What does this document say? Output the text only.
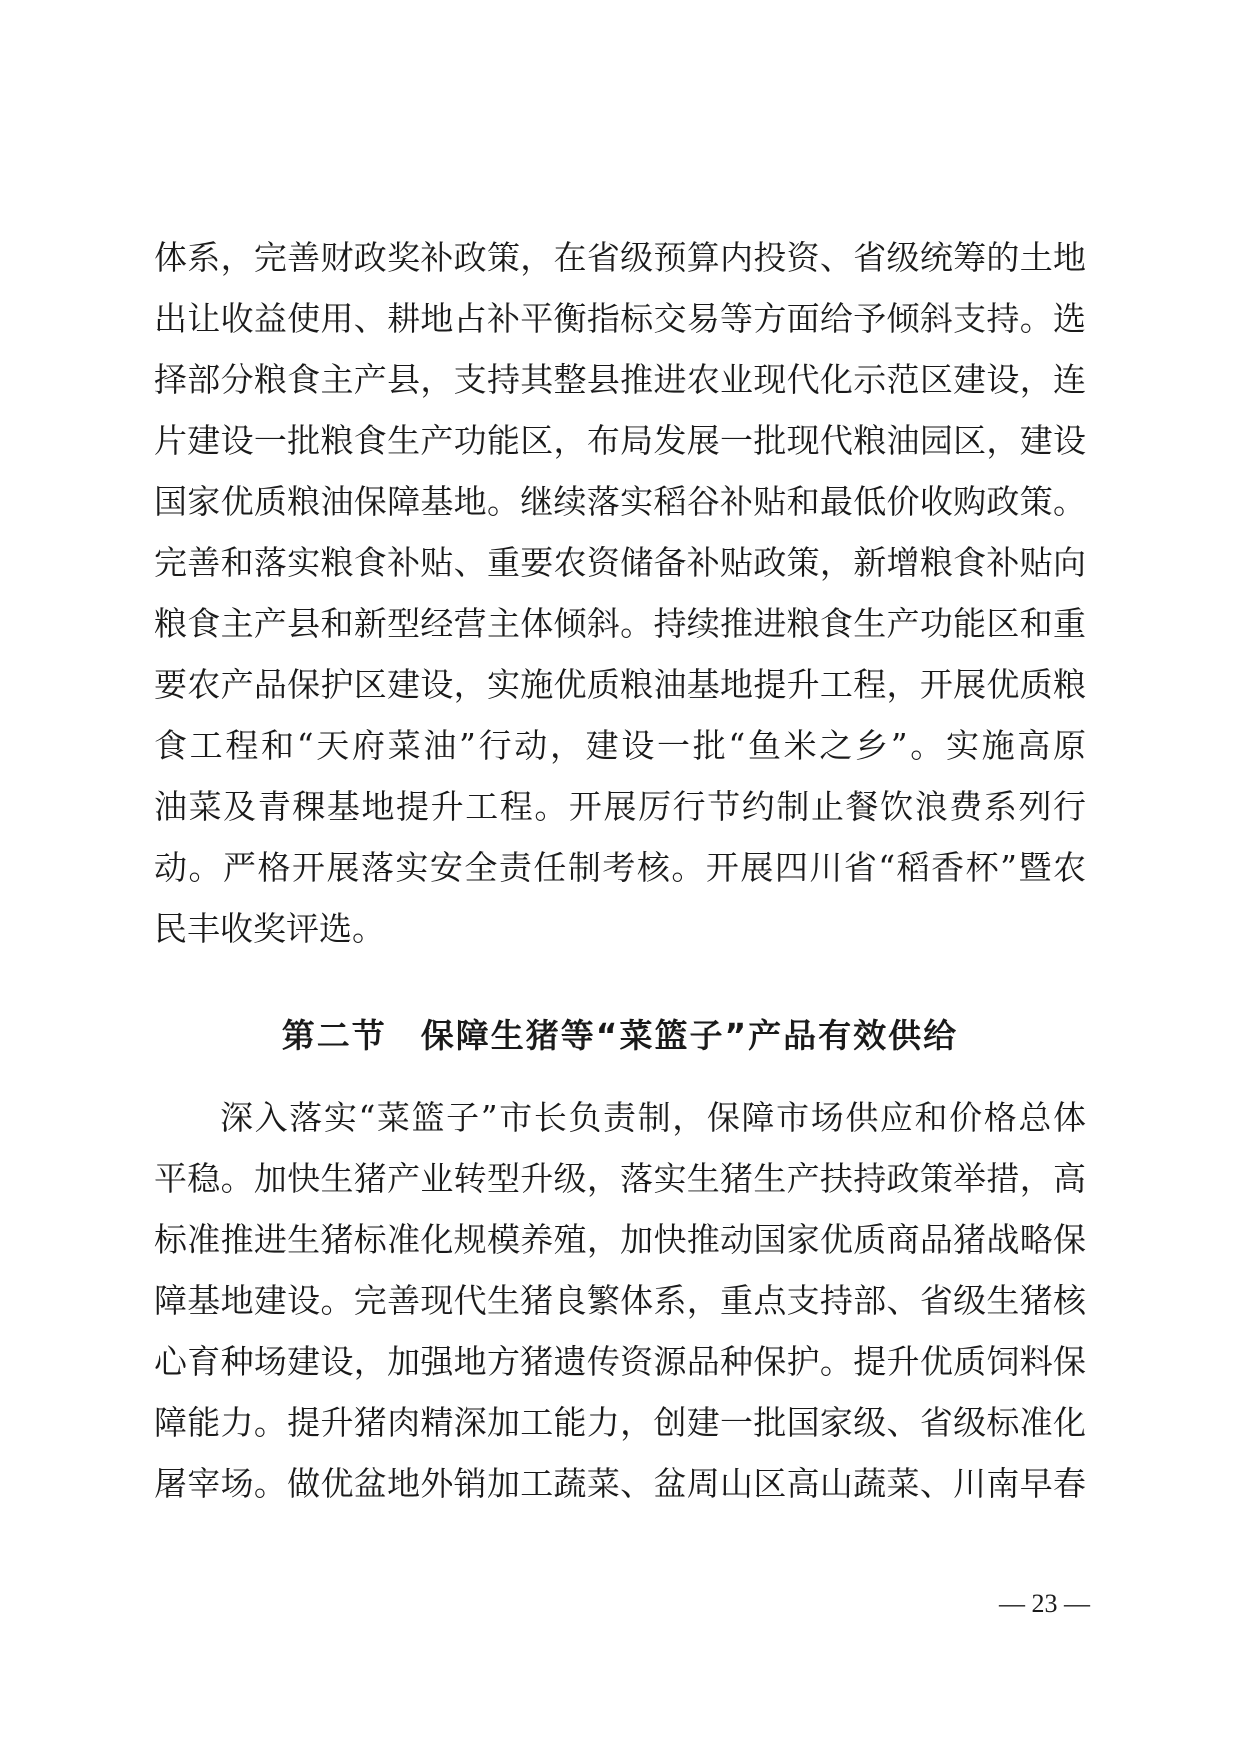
体系，完善财政奖补政策，在省级预算内投资、省级统筹的土地
出让收益使用、耕地占补平衡指标交易等方面给予倾斜支持。选
择部分粮食主产县，支持其整县推进农业现代化示范区建设，连
片建设一批粮食生产功能区，布局发展一批现代粮油园区，建设
国家优质粮油保障基地。继续落实稻谷补贴和最低价收购政策。
完善和落实粮食补贴、重要农资储备补贴政策，新增粮食补贴向
粮食主产县和新型经营主体倾斜。持续推进粮食生产功能区和重
要农产品保护区建设，实施优质粮油基地提升工程，开展优质粮
食工程和“天府菜油”行动，建设一批“鱼米之乡”。实施高原
油菜及青稞基地提升工程。开展厉行节约制止餐饮浪费系列行
动。严格开展落实安全责任制考核。开展四川省“稻香杯”暨农
民丰收奖评选。
第二节 保障生猪等“菜篮子”产品有效供给
深入落实“菜篮子”市长负责制，保障市场供应和价格总体
平稳。加快生猪产业转型升级，落实生猪生产扶持政策举措，高
标准推进生猪标准化规模养殖，加快推动国家优质商品猪战略保
障基地建设。完善现代生猪良繁体系，重点支持部、省级生猪核
心育种场建设，加强地方猪遗传资源品种保护。提升优质饲料保
障能力。提升猪肉精深加工能力，创建一批国家级、省级标准化
屠宰场。做优盆地外销加工蔬菜、盆周山区高山蔬菜、川南早春
— 23 —
